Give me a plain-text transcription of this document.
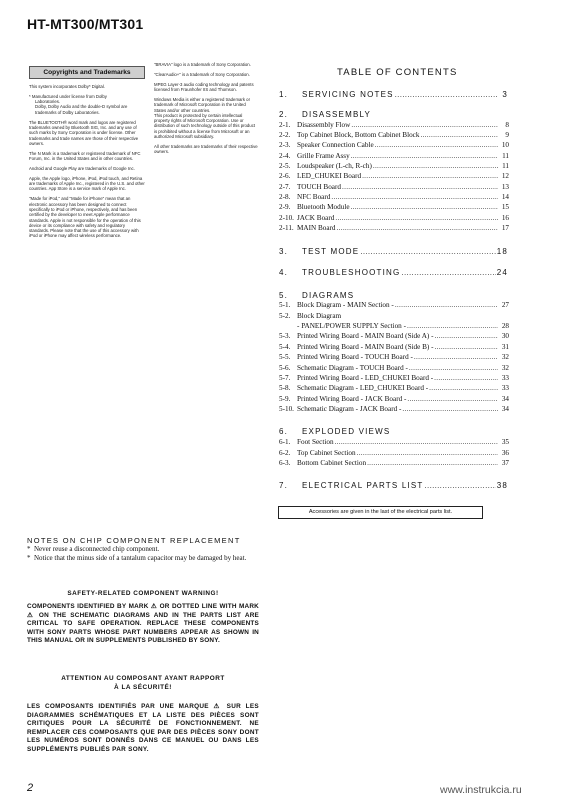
HT-MT300/MT301
Copyrights and Trademarks

This system incorporates Dolby* Digital.

* Manufactured under license from Dolby

Laboratories.

Dolby, Dolby Audio and the double-D symbol are trademarks of Dolby Laboratories.

The BLUETOOTH® word mark and logos are registered trademarks owned by Bluetooth SIG, Inc. and any use of such marks by Sony Corporation is under license. Other trademarks and trade names are those of their respective owners.

The N Mark is a trademark or registered trademark of NFC Forum, Inc. in the United States and in other countries.

Android and Google Play are trademarks of Google Inc.

Apple, the Apple logo, iPhone, iPod, iPod touch, and Retina are trademarks of Apple Inc., registered in the U.S. and other countries. App Store is a service mark of Apple Inc.

"Made for iPod," and "Made for iPhone" mean that an electronic accessory has been designed to connect specifically to iPod or iPhone, respectively, and has been certified by the developer to meet Apple performance standards. Apple is not responsible for the operation of this device or its compliance with safety and regulatory standards. Please note that the use of this accessory with iPod or iPhone may affect wireless performance.

"BRAVIA" logo is a trademark of Sony Corporation.

"ClearAudio+" is a trademark of Sony Corporation.

MPEG Layer-3 audio coding technology and patents licensed from Fraunhofer IIS and Thomson.

Windows Media is either a registered trademark or trademark of Microsoft Corporation in the United States and/or other countries.

This product is protected by certain intellectual property rights of Microsoft Corporation. Use or distribution of such technology outside of this product is prohibited without a license from Microsoft or an authorized Microsoft subsidiary.

All other trademarks are trademarks of their respective owners.

TABLE OF CONTENTS
1.	SERVICING NOTES .....	3
2.	DISASSEMBLY
2-1. Disassembly Flow .....	8
2-2. Top Cabinet Block, Bottom Cabinet Block .....	9
2-3. Speaker Connection Cable .....	10
2-4. Grille Frame Assy .....	11
2-5. Loudspeaker (L-ch, R-ch) .....	11
2-6. LED_CHUKEI Board .....	12
2-7. TOUCH Board .....	13
2-8. NFC Board .....	14
2-9. Bluetooth Module .....	15
2-10. JACK Board .....	16
2-11. MAIN Board .....	17
3.	TEST MODE .....	18
4.	TROUBLESHOOTING .....	24
5.	DIAGRAMS
5-1. Block Diagram - MAIN Section - .....	27
5-2. Block Diagram
- PANEL/POWER SUPPLY Section - .....	28
5-3. Printed Wiring Board - MAIN Board (Side A) - .....	30
5-4. Printed Wiring Board - MAIN Board (Side B) - .....	31
5-5. Printed Wiring Board - TOUCH Board - .....	32
5-6. Schematic Diagram - TOUCH Board - .....	32
5-7. Printed Wiring Board - LED_CHUKEI Board - .....	33
5-8. Schematic Diagram - LED_CHUKEI Board - .....	33
5-9. Printed Wiring Board - JACK Board - .....	34
5-10. Schematic Diagram - JACK Board - .....	34
6.	EXPLODED VIEWS
6-1. Foot Section .....	35
6-2. Top Cabinet Section .....	36
6-3. Bottom Cabinet Section .....	37
7.	ELECTRICAL PARTS LIST .....	38
Accessories are given in the last of the electrical parts list.
NOTES ON CHIP COMPONENT REPLACEMENT
* Never reuse a disconnected chip component.
* Notice that the minus side of a tantalum capacitor may be damaged by heat.
SAFETY-RELATED COMPONENT WARNING!
COMPONENTS IDENTIFIED BY MARK ⚠ OR DOTTED LINE WITH MARK ⚠ ON THE SCHEMATIC DIAGRAMS AND IN THE PARTS LIST ARE CRITICAL TO SAFE OPERATION. REPLACE THESE COMPONENTS WITH SONY PARTS WHOSE PART NUMBERS APPEAR AS SHOWN IN THIS MANUAL OR IN SUPPLEMENTS PUBLISHED BY SONY.
ATTENTION AU COMPOSANT AYANT RAPPORT
À LA SÉCURITÉ!
LES COMPOSANTS IDENTIFIÉS PAR UNE MARQUE ⚠ SUR LES DIAGRAMMES SCHÉMATIQUES ET LA LISTE DES PIÈCES SONT CRITIQUES POUR LA SÉCURITÉ DE FONCTIONNEMENT. NE REMPLACER CES COMPOSANTS QUE PAR DES PIÈCES SONY DONT LES NUMÉROS SONT DONNÉS DANS CE MANUEL OU DANS LES SUPPLÉMENTS PUBLIÉS PAR SONY.
2	www.instrukcia.ru
